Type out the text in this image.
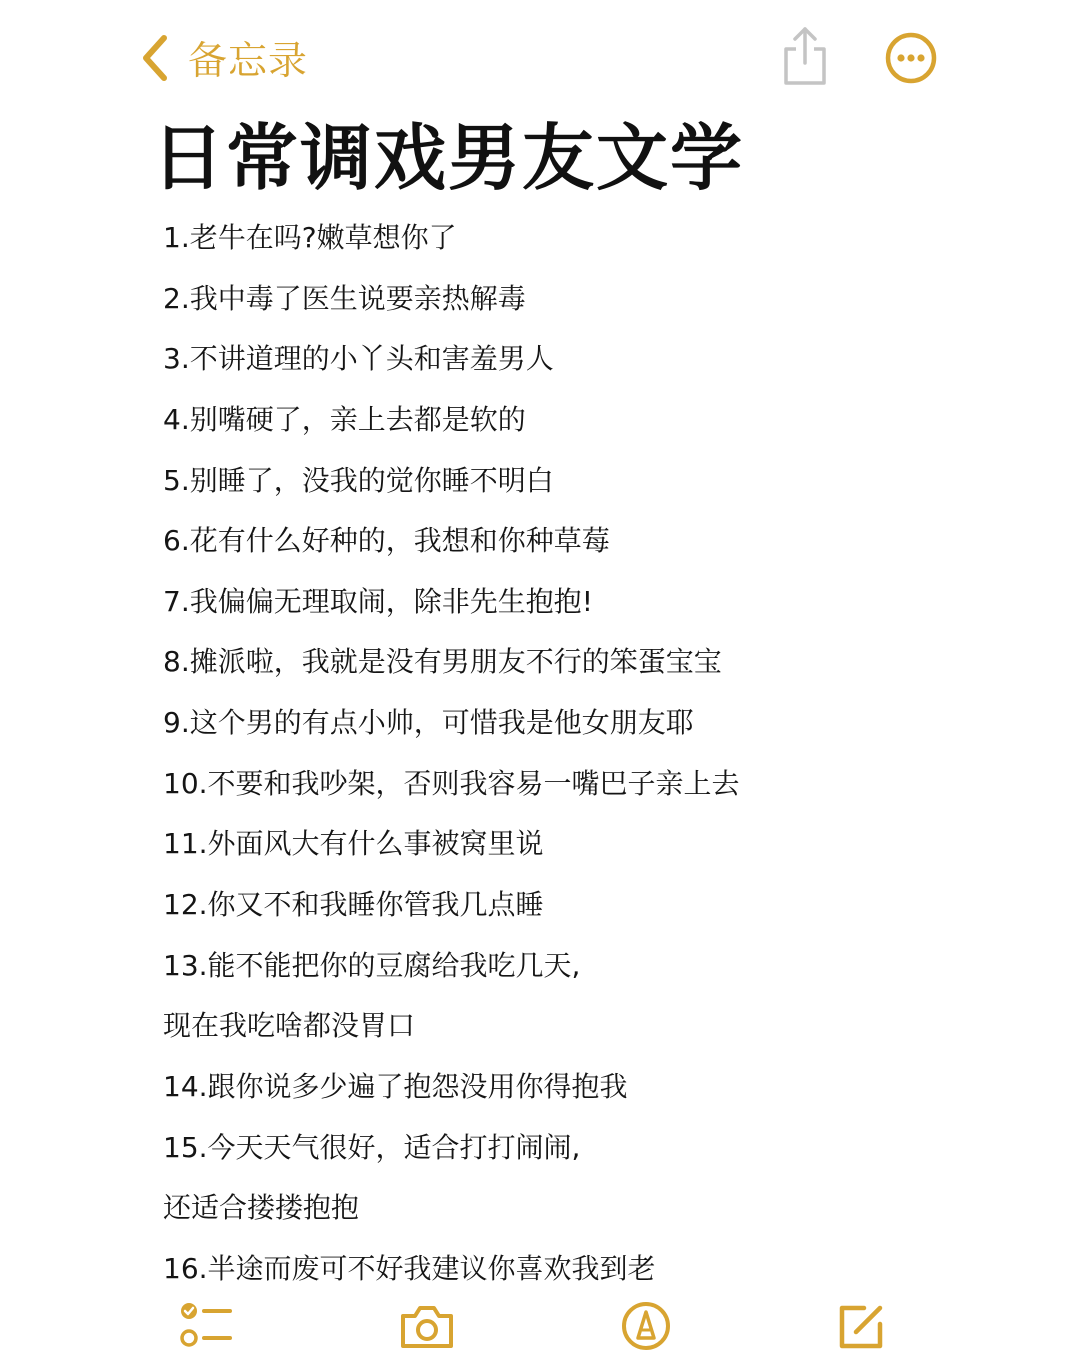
备忘录
日常调戏男友文学
1.老牛在吗?嫩草想你了
2.我中毒了医生说要亲热解毒
3.不讲道理的小丫头和害羞男人
4.别嘴硬了，亲上去都是软的
5.别睡了，没我的觉你睡不明白
6.花有什么好种的，我想和你种草莓
7.我偏偏无理取闹，除非先生抱抱!
8.摊派啦，我就是没有男朋友不行的笨蛋宝宝
9.这个男的有点小帅，可惜我是他女朋友耶
10.不要和我吵架，否则我容易一嘴巴子亲上去
11.外面风大有什么事被窝里说
12.你又不和我睡你管我几点睡
13.能不能把你的豆腐给我吃几天,
现在我吃啥都没胃口
14.跟你说多少遍了抱怨没用你得抱我
15.今天天气很好，适合打打闹闹,
还适合搂搂抱抱
16.半途而废可不好我建议你喜欢我到老
